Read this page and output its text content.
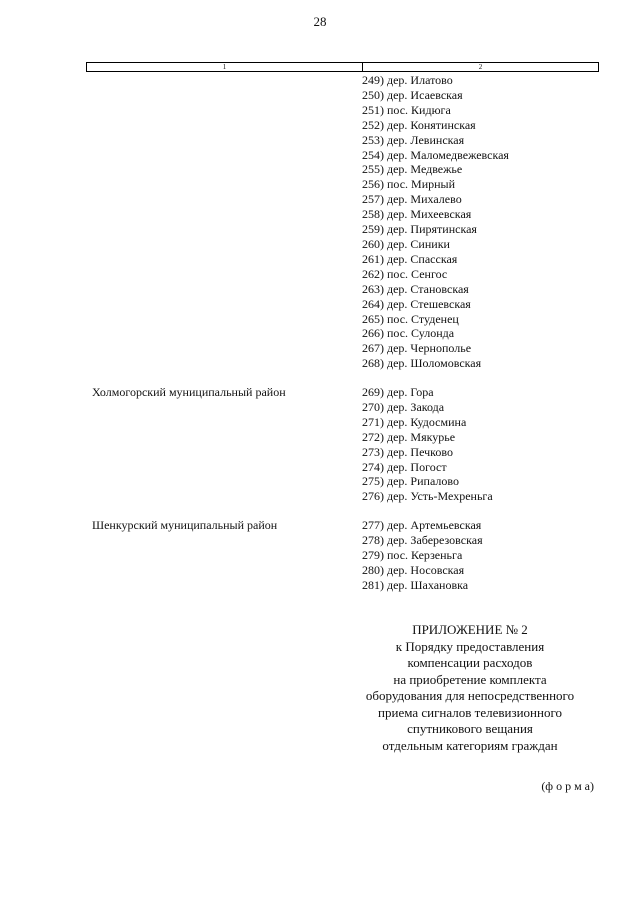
28
1	2
249) дер. Илатово
250) дер. Исаевская
251) пос. Кидюга
252) дер. Конятинская
253) дер. Левинская
254) дер. Маломедвежевская
255) дер. Медвежье
256) пос. Мирный
257) дер. Михалево
258) дер. Михеевская
259) дер. Пирятинская
260) дер. Синики
261) дер. Спасская
262) пос. Сенгос
263) дер. Становская
264) дер. Стешевская
265) пос. Студенец
266) пос. Сулонда
267) дер. Чернополье
268) дер. Шоломовская
Холмогорский муниципальный район	269) дер. Гора
270) дер. Закода
271) дер. Кудосмина
272) дер. Мякурье
273) дер. Печково
274) дер. Погост
275) дер. Рипалово
276) дер. Усть-Мехреньга
Шенкурский муниципальный район	277) дер. Артемьевская
278) дер. Заберезовская
279) пос. Керзеньга
280) дер. Носовская
281) дер. Шахановка
ПРИЛОЖЕНИЕ № 2
к Порядку предоставления
компенсации расходов
на приобретение комплекта
оборудования для непосредственного
приема сигналов телевизионного
спутникового вещания
отдельным категориям граждан
(ф о р м а)
